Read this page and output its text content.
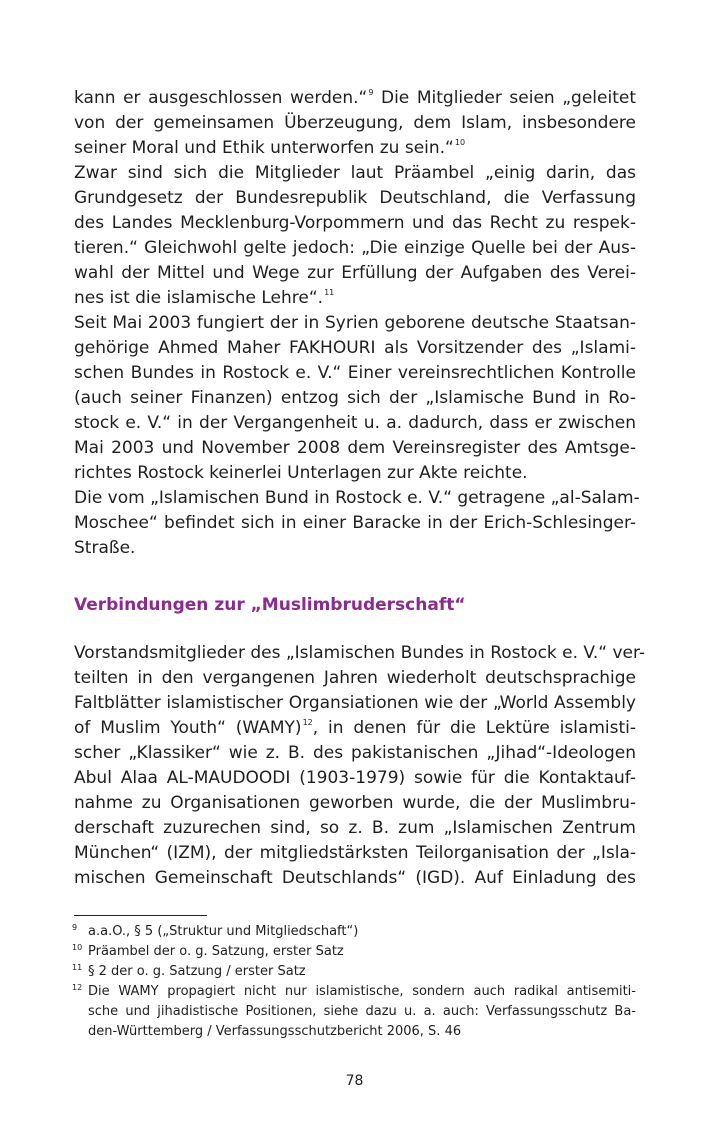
kann er ausgeschlossen werden.“$^9$ Die Mitglieder seien „geleitet
von der gemeinsamen Überzeugung, dem Islam, insbesondere
seiner Moral und Ethik unterworfen zu sein.“$^{10}$
Zwar sind sich die Mitglieder laut Präambel „einig darin, das
Grundgesetz der Bundesrepublik Deutschland, die Verfassung
des Landes Mecklenburg-Vorpommern und das Recht zu respek-
tieren.“ Gleichwohl gelte jedoch: „Die einzige Quelle bei der Aus-
wahl der Mittel und Wege zur Erfüllung der Aufgaben des Verei-
nes ist die islamische Lehre“.$^{11}$
Seit Mai 2003 fungiert der in Syrien geborene deutsche Staatsan-
gehörige Ahmed Maher FAKHOURI als Vorsitzender des „Islami-
schen Bundes in Rostock e. V.“ Einer vereinsrechtlichen Kontrolle
(auch seiner Finanzen) entzog sich der „Islamische Bund in Ro-
stock e. V.“ in der Vergangenheit u. a. dadurch, dass er zwischen
Mai 2003 und November 2008 dem Vereinsregister des Amtsge-
richtes Rostock keinerlei Unterlagen zur Akte reichte.
Die vom „Islamischen Bund in Rostock e. V.“ getragene „al-Salam-
Moschee“ befindet sich in einer Baracke in der Erich-Schlesinger-
Straße.
Verbindungen zur „Muslimbruderschaft“
Vorstandsmitglieder des „Islamischen Bundes in Rostock e. V.“ ver-
teilten in den vergangenen Jahren wiederholt deutschsprachige
Faltblätter islamistischer Organsiationen wie der „World Assembly
of Muslim Youth“ (WAMY)$^{12}$, in denen für die Lektüre islamisti-
scher „Klassiker“ wie z. B. des pakistanischen „Jihad“-Ideologen
Abul Alaa AL-MAUDOODI (1903-1979) sowie für die Kontaktauf-
nahme zu Organisationen geworben wurde, die der Muslimbru-
derschaft zuzurechen sind, so z. B. zum „Islamischen Zentrum
München“ (IZM), der mitgliedstärksten Teilorganisation der „Isla-
mischen Gemeinschaft Deutschlands“ (IGD). Auf Einladung des
9 a.a.O., § 5 („Struktur und Mitgliedschaft“)
10 Präambel der o. g. Satzung, erster Satz
11 § 2 der o. g. Satzung / erster Satz
12 Die WAMY propagiert nicht nur islamistische, sondern auch radikal antisemiti-
sche und jihadistische Positionen, siehe dazu u. a. auch: Verfassungsschutz Ba-
den-Württemberg / Verfassungsschutzbericht 2006, S. 46
78
